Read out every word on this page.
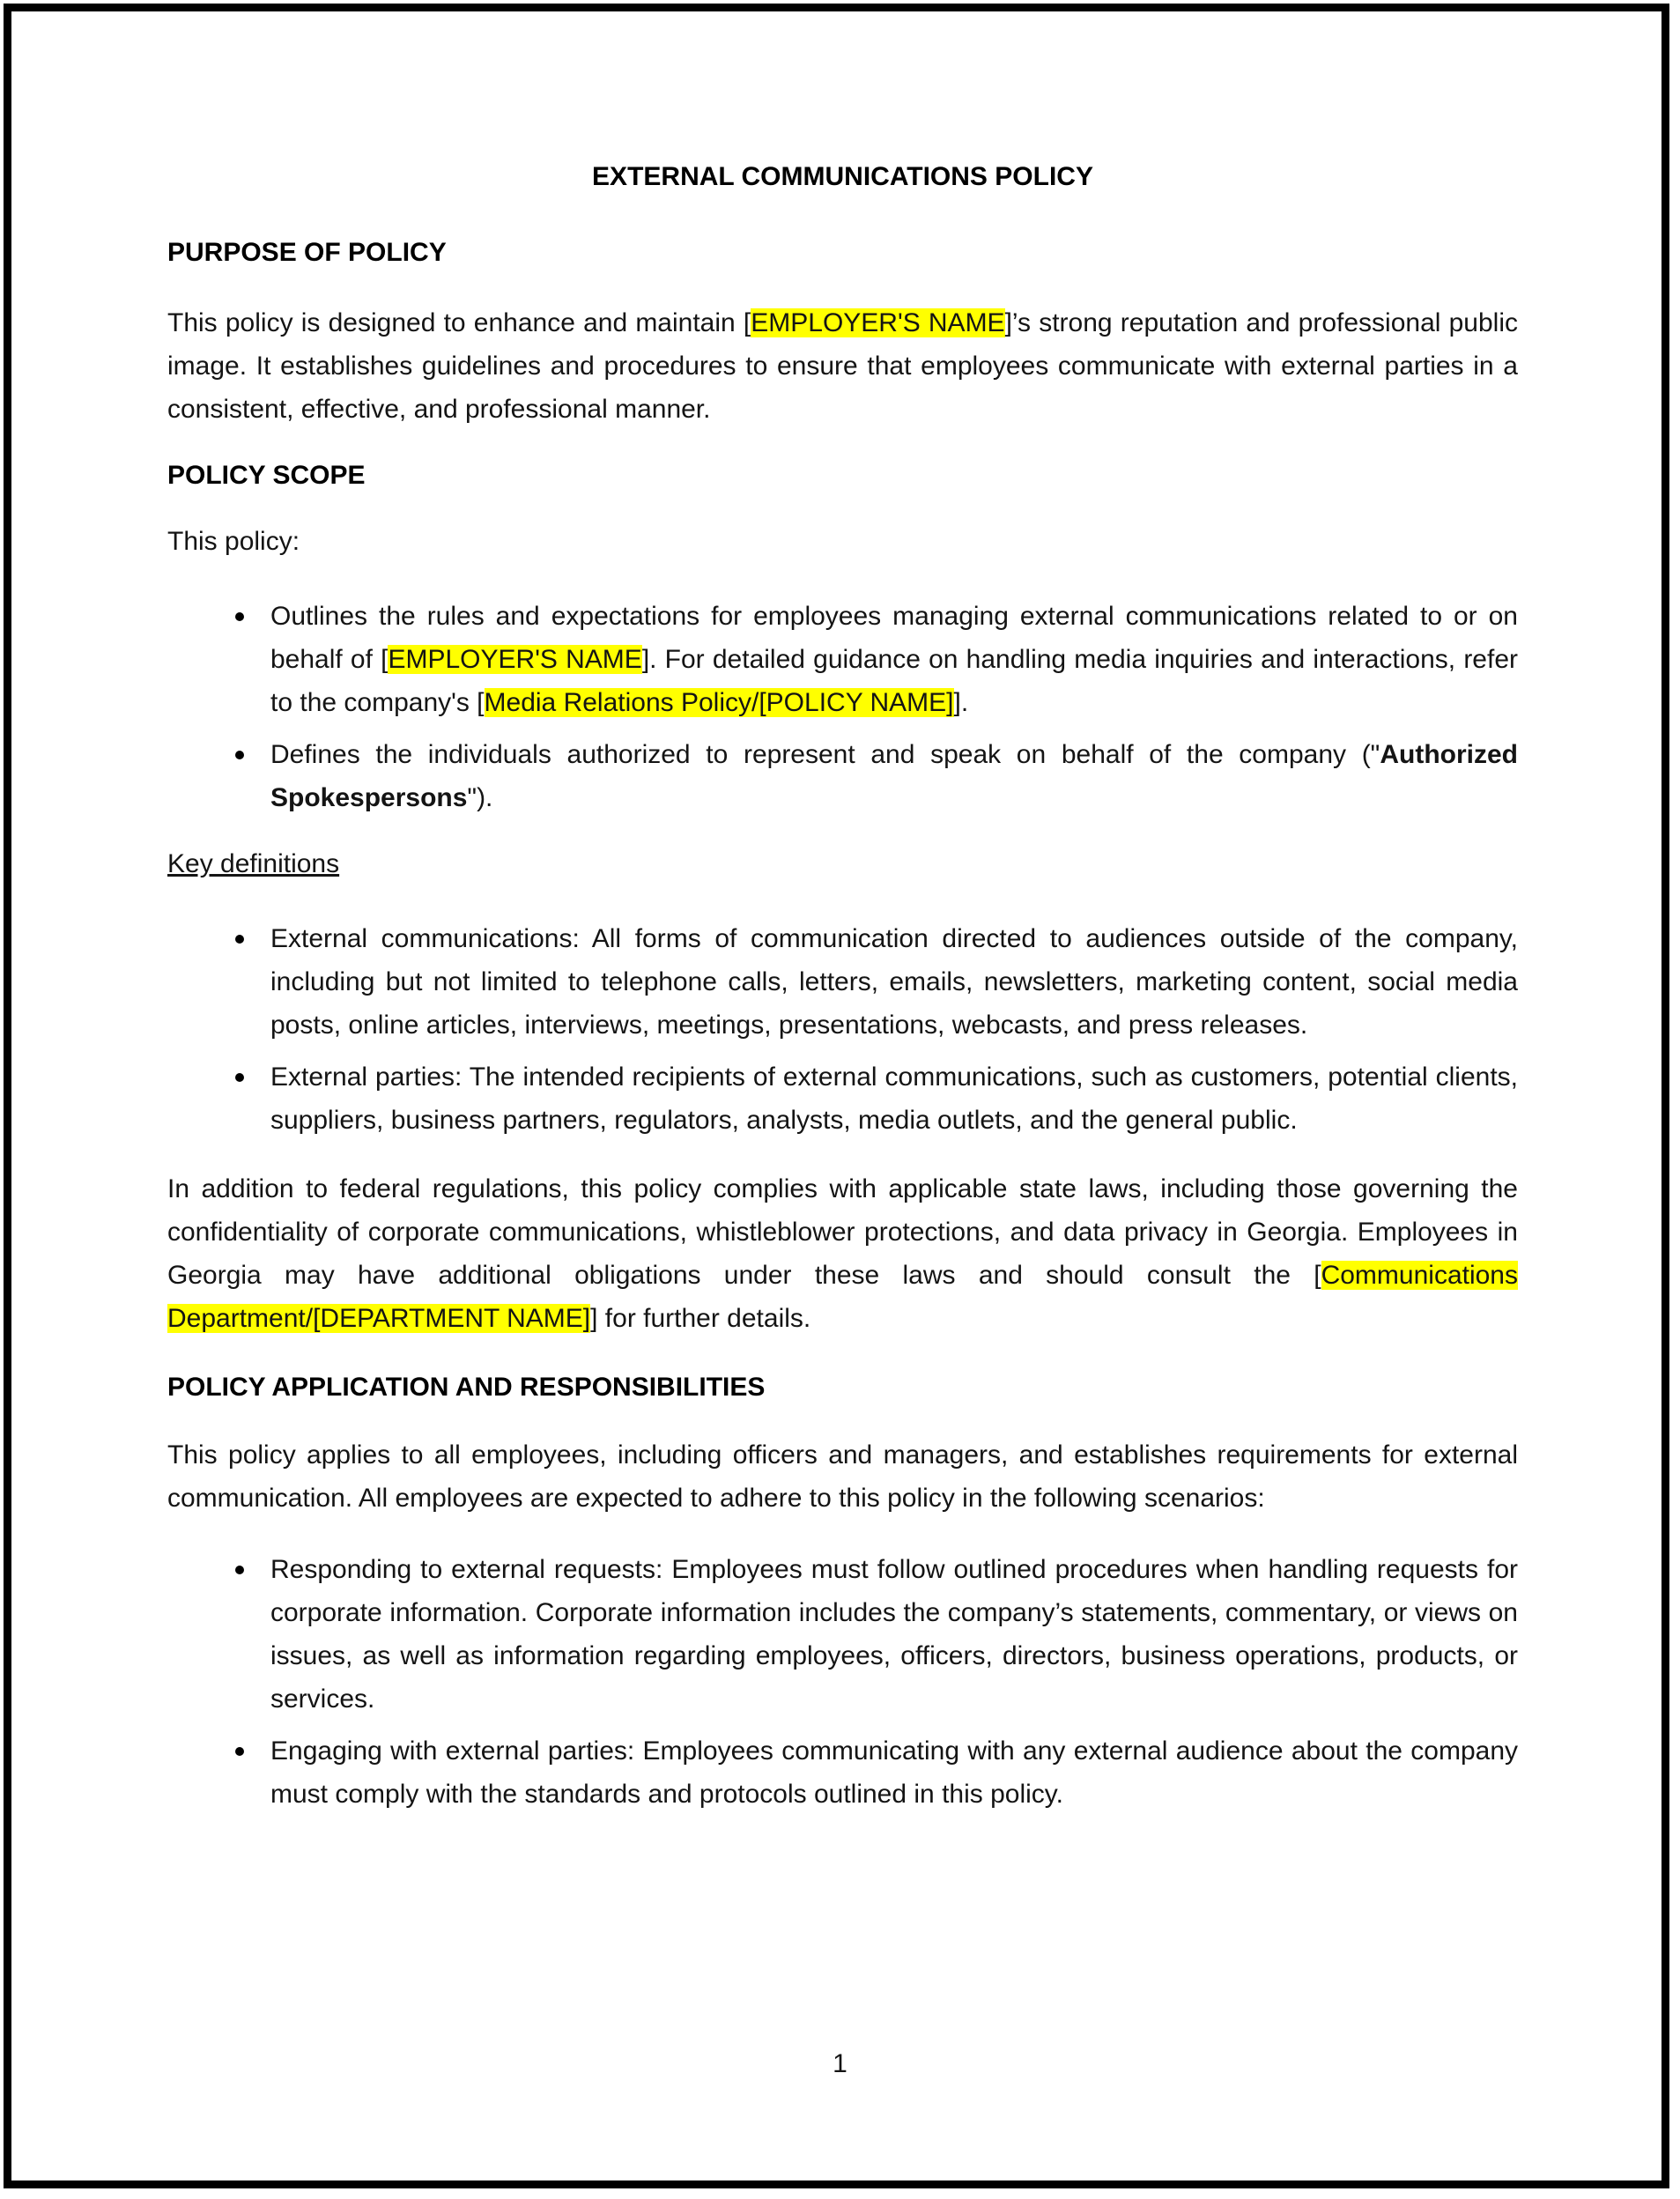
EXTERNAL COMMUNICATIONS POLICY

PURPOSE OF POLICY

This policy is designed to enhance and maintain [EMPLOYER'S NAME]’s strong reputation and professional public image. It establishes guidelines and procedures to ensure that employees communicate with external parties in a consistent, effective, and professional manner.

POLICY SCOPE

This policy:

Outlines the rules and expectations for employees managing external communications related to or on behalf of [EMPLOYER'S NAME]. For detailed guidance on handling media inquiries and interactions, refer to the company's [Media Relations Policy/[POLICY NAME]].
Defines the individuals authorized to represent and speak on behalf of the company ("Authorized Spokespersons").
Key definitions
External communications: All forms of communication directed to audiences outside of the company, including but not limited to telephone calls, letters, emails, newsletters, marketing content, social media posts, online articles, interviews, meetings, presentations, webcasts, and press releases.
External parties: The intended recipients of external communications, such as customers, potential clients, suppliers, business partners, regulators, analysts, media outlets, and the general public.

In addition to federal regulations, this policy complies with applicable state laws, including those governing the confidentiality of corporate communications, whistleblower protections, and data privacy in Georgia. Employees in Georgia may have additional obligations under these laws and should consult the [Communications Department/[DEPARTMENT NAME]] for further details.

POLICY APPLICATION AND RESPONSIBILITIES

This policy applies to all employees, including officers and managers, and establishes requirements for external communication. All employees are expected to adhere to this policy in the following scenarios:

Responding to external requests: Employees must follow outlined procedures when handling requests for corporate information. Corporate information includes the company’s statements, commentary, or views on issues, as well as information regarding employees, officers, directors, business operations, products, or services.
Engaging with external parties: Employees communicating with any external audience about the company must comply with the standards and protocols outlined in this policy.
1
